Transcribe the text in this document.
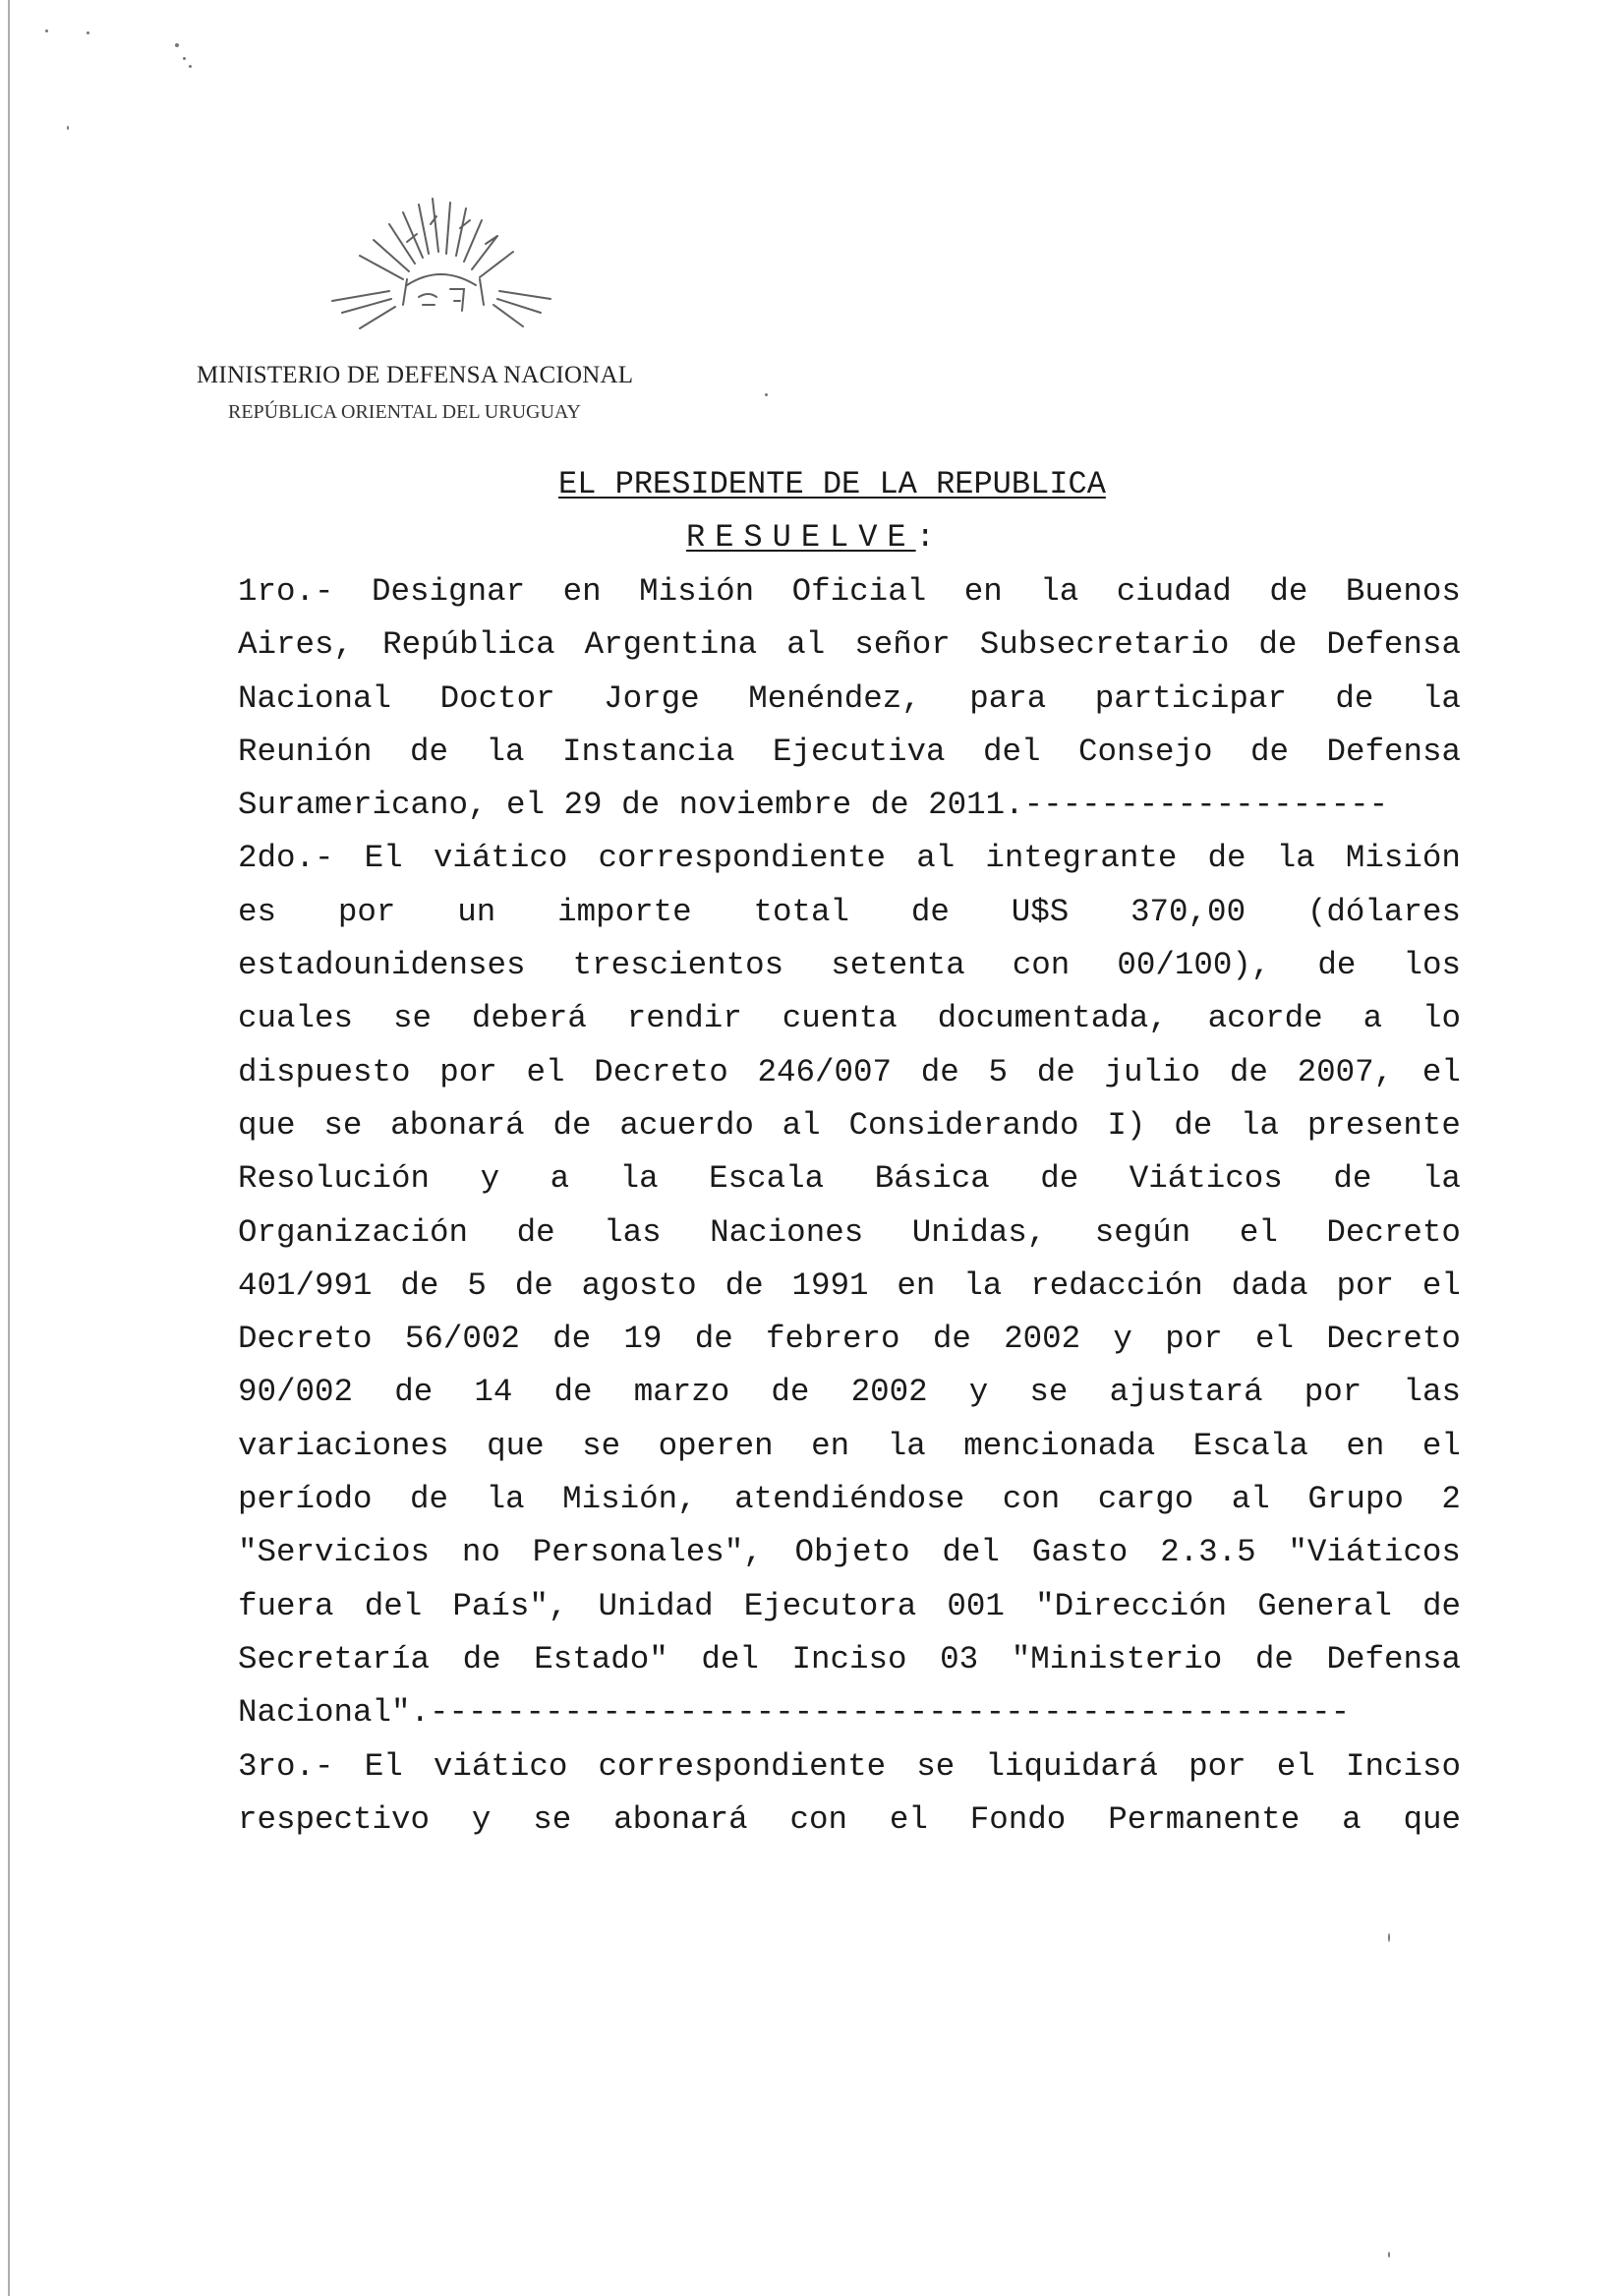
MINISTERIO DE DEFENSA NACIONAL
REPÚBLICA ORIENTAL DEL URUGUAY
EL PRESIDENTE DE LA REPUBLICA
RESUELVE:
1ro.- Designar en Misión Oficial en la ciudad de Buenos
Aires, República Argentina al señor Subsecretario de Defensa
Nacional Doctor Jorge Menéndez, para participar de la
Reunión de la Instancia Ejecutiva del Consejo de Defensa
Suramericano, el 29 de noviembre de 2011.-------------------
2do.- El viático correspondiente al integrante de la Misión
es por un importe total de U$S 370,00 (dólares
estadounidenses trescientos setenta con 00/100), de los
cuales se deberá rendir cuenta documentada, acorde a lo
dispuesto por el Decreto 246/007 de 5 de julio de 2007, el
que se abonará de acuerdo al Considerando I) de la presente
Resolución y a la Escala Básica de Viáticos de la
Organización de las Naciones Unidas, según el Decreto
401/991 de 5 de agosto de 1991 en la redacción dada por el
Decreto 56/002 de 19 de febrero de 2002 y por el Decreto
90/002 de 14 de marzo de 2002 y se ajustará por las
variaciones que se operen en la mencionada Escala en el
período de la Misión, atendiéndose con cargo al Grupo 2
"Servicios no Personales", Objeto del Gasto 2.3.5 "Viáticos
fuera del País", Unidad Ejecutora 001 "Dirección General de
Secretaría de Estado" del Inciso 03 "Ministerio de Defensa
Nacional".------------------------------------------------
3ro.- El viático correspondiente se liquidará por el Inciso
respectivo y se abonará con el Fondo Permanente a que
